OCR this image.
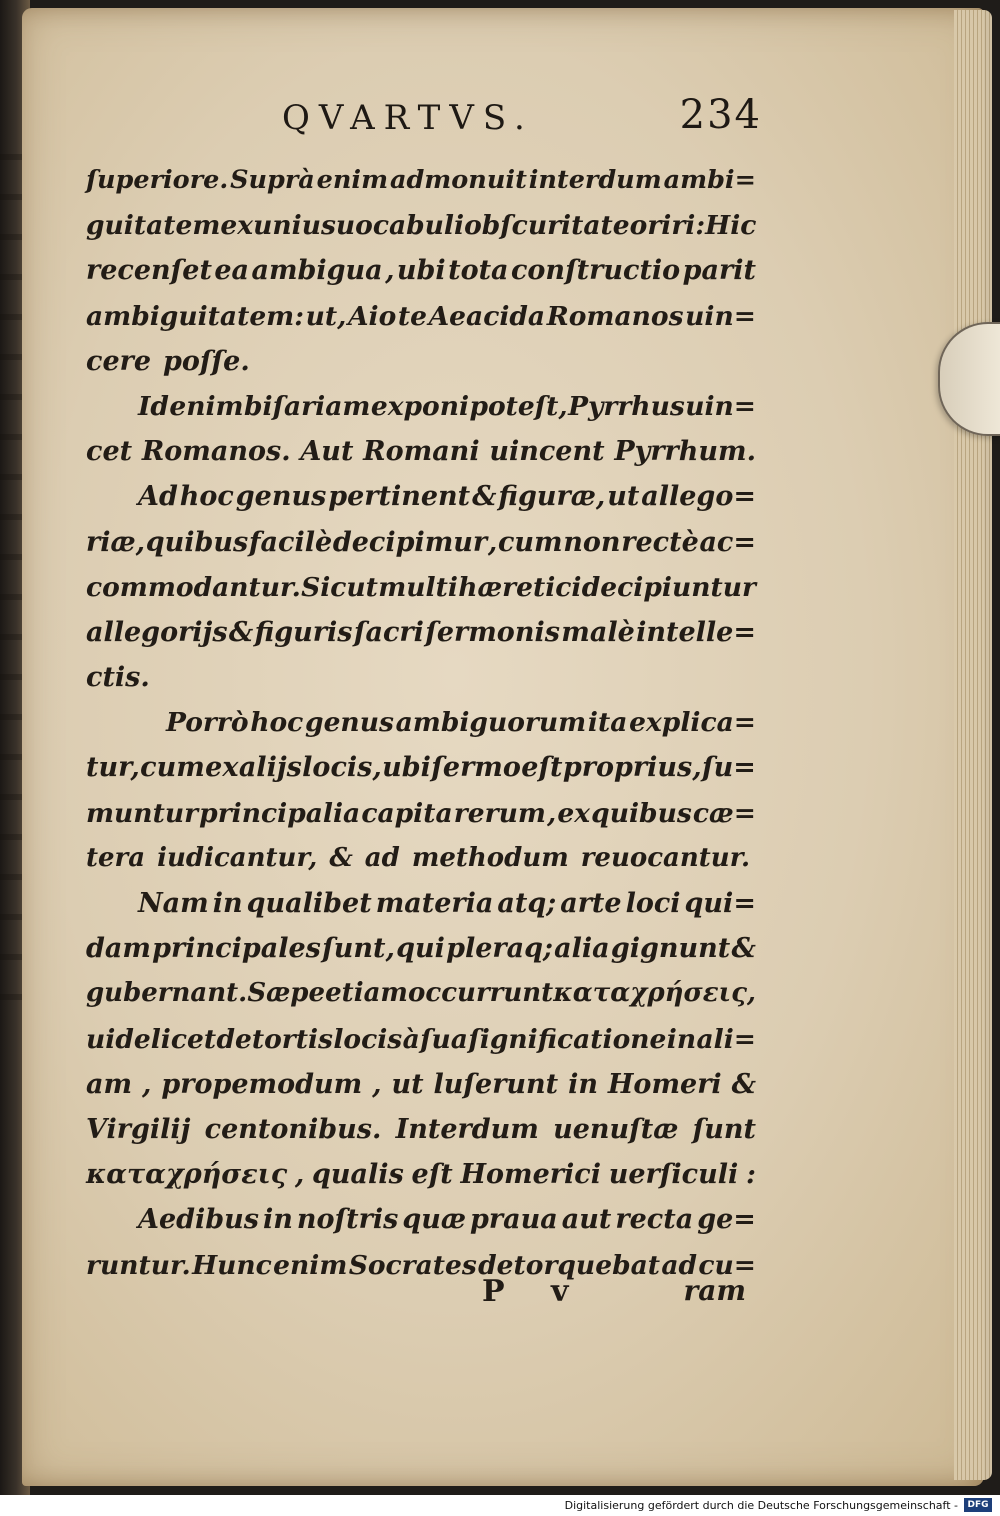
QVARTVS.	234
ſuperiore. Suprà enim admonuit interdum ambi=
guitatem ex unius uocabuli obſcuritate oriri: Hic
recenſet ea ambigua , ubi tota conſtructio parit
ambiguitatem: ut, Aio te Aeacida Romanos uin=
cere poſſe.
Id enim biſariam exponi poteſt, Pyrrhus uin=
cet Romanos. Aut Romani uincent Pyrrhum.
Ad hoc genus pertinent & figuræ, ut allego=
riæ, quibus facilè decipimur , cum non rectè ac=
commodantur. Sicut multi hæretici decipiuntur
allegorijs & figuris ſacri ſermonis malè intelle=
ctis.
Porrò hoc genus ambiguorum ita explica=
tur, cum ex alijs locis, ubi ſermo eſt proprius, ſu=
muntur principalia capita rerum , ex quibus cæ=
tera iudicantur, & ad methodum reuocantur.
Nam in qualibet materia atq; arte loci qui=
dam principales ſunt, qui pleraq; alia gignunt &
gubernant. Sæpe etiam occurrunt καταχρήσεις,
uidelicet detortis locis à ſua ſignificatione in ali=
am , propemodum , ut luſerunt in Homeri &
Virgilij centonibus. Interdum uenuſtæ ſunt
καταχρήσεις , qualis eſt Homerici uerſiculi :
Aedibus in noſtris quæ praua aut recta ge=
runtur. Hunc enim Socrates detorquebat ad cu=
P v	ram
Digitalisierung gefördert durch die Deutsche Forschungsgemeinschaft -	DFG
